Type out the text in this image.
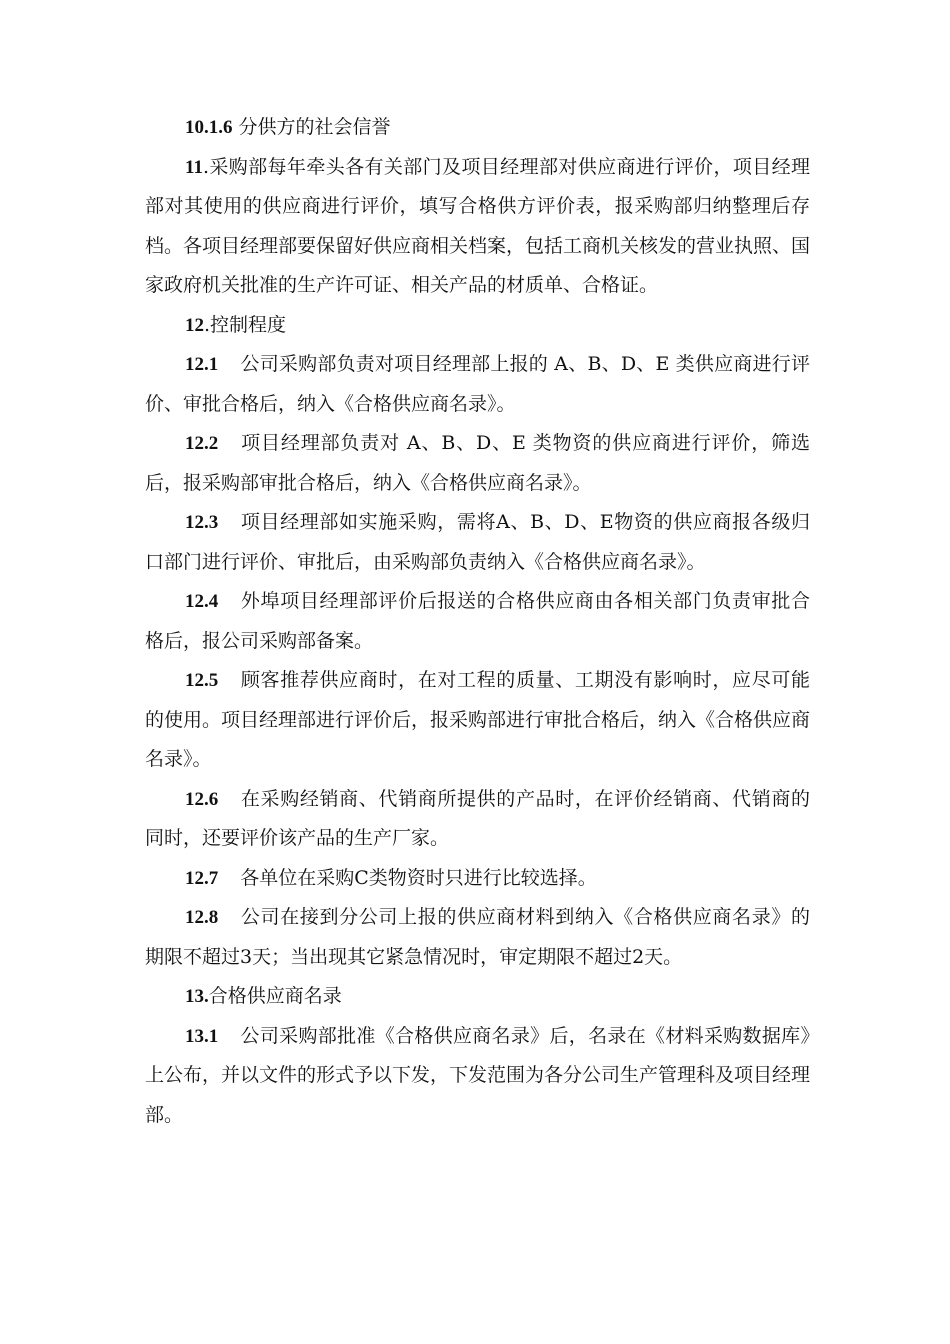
10.1.6 分供方的社会信誉

11.采购部每年牵头各有关部门及项目经理部对供应商进行评价，项目经理部对其使用的供应商进行评价，填写合格供方评价表，报采购部归纳整理后存档。各项目经理部要保留好供应商相关档案，包括工商机关核发的营业执照、国家政府机关批准的生产许可证、相关产品的材质单、合格证。

12.控制程度

12.1 公司采购部负责对项目经理部上报的 A、B、D、E 类供应商进行评价、审批合格后，纳入《合格供应商名录》。

12.2 项目经理部负责对 A、B、D、E 类物资的供应商进行评价，筛选后，报采购部审批合格后，纳入《合格供应商名录》。

12.3 项目经理部如实施采购，需将A、B、D、E物资的供应商报各级归口部门进行评价、审批后，由采购部负责纳入《合格供应商名录》。

12.4 外埠项目经理部评价后报送的合格供应商由各相关部门负责审批合格后，报公司采购部备案。

12.5 顾客推荐供应商时，在对工程的质量、工期没有影响时，应尽可能的使用。项目经理部进行评价后，报采购部进行审批合格后，纳入《合格供应商名录》。

12.6 在采购经销商、代销商所提供的产品时，在评价经销商、代销商的同时，还要评价该产品的生产厂家。

12.7 各单位在采购C类物资时只进行比较选择。

12.8 公司在接到分公司上报的供应商材料到纳入《合格供应商名录》的期限不超过3天；当出现其它紧急情况时，审定期限不超过2天。

13.合格供应商名录

13.1 公司采购部批准《合格供应商名录》后，名录在《材料采购数据库》上公布，并以文件的形式予以下发，下发范围为各分公司生产管理科及项目经理部。
